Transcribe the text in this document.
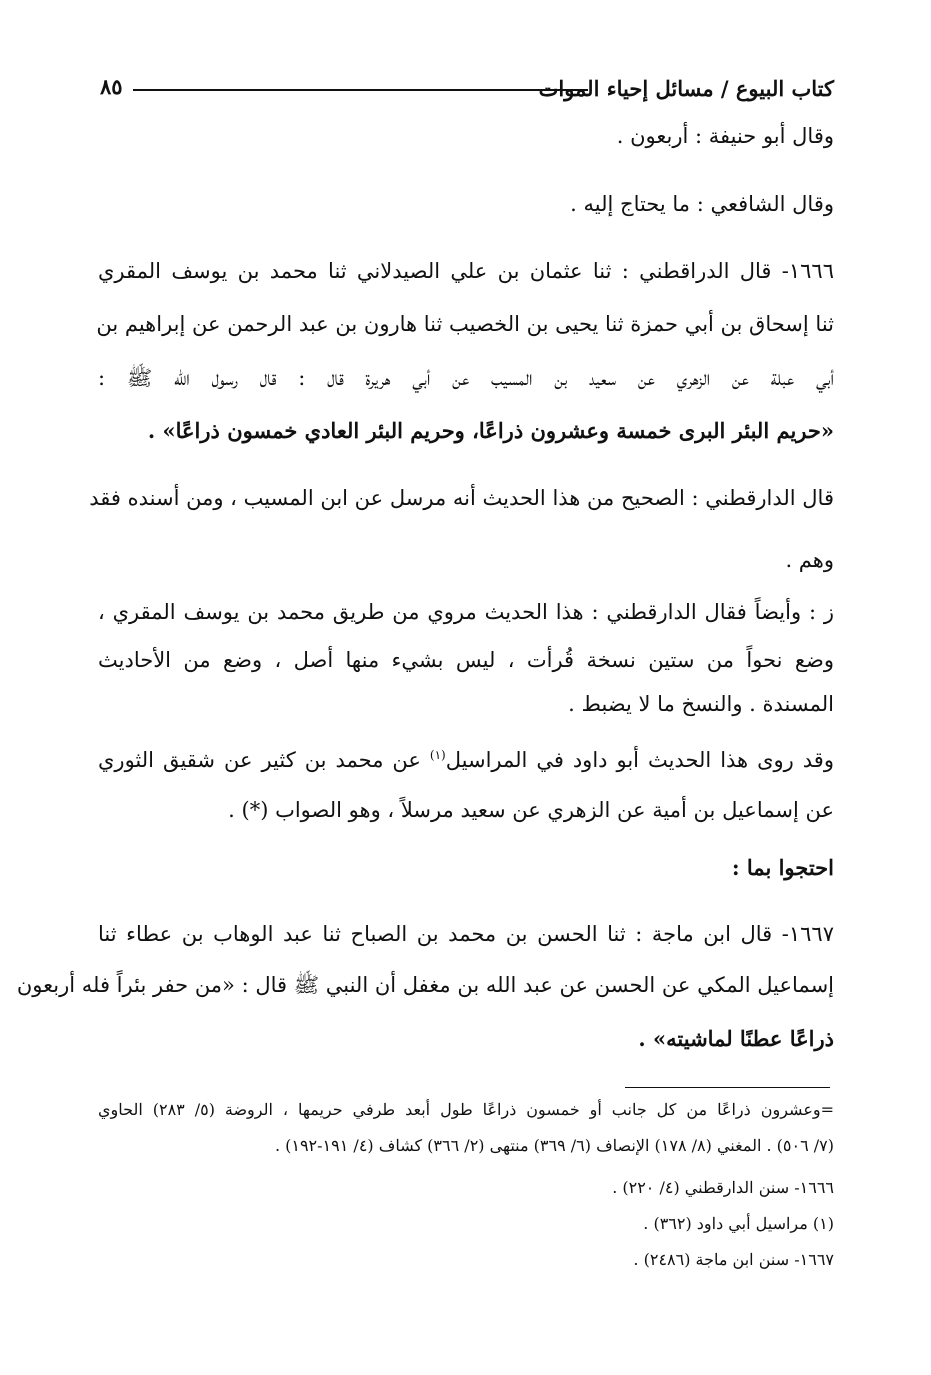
كتاب البيوع / مسائل إحياء الموات
٨٥
وقال أبو حنيفة : أربعون .
وقال الشافعي : ما يحتاج إليه .
١٦٦٦- قال الدراقطني : ثنا عثمان بن علي الصيدلاني ثنا محمد بن يوسف المقري
ثنا إسحاق بن أبي حمزة ثنا يحيى بن الخصيب ثنا هارون بن عبد الرحمن عن إبراهيم بن
أبي عبلة عن الزهري عن سعيد بن المسيب عن أبي هريرة قال : قال رسول الله ﷺ :
«حريم البئر البرى خمسة وعشرون ذراعًا، وحريم البئر العادي خمسون ذراعًا» .
قال الدارقطني : الصحيح من هذا الحديث أنه مرسل عن ابن المسيب ، ومن أسنده فقد
وهم .
ز : وأيضاً فقال الدارقطني : هذا الحديث مروي من طريق محمد بن يوسف المقري ،
وضع نحواً من ستين نسخة قُرأت ، ليس بشيء منها أصل ، وضع من الأحاديث
المسندة . والنسخ ما لا يضبط .
وقد روى هذا الحديث أبو داود في المراسيل$^{(١)}$ عن محمد بن كثير عن شقيق الثوري
عن إسماعيل بن أمية عن الزهري عن سعيد مرسلاً ، وهو الصواب (*) .
احتجوا بما :
١٦٦٧- قال ابن ماجة : ثنا الحسن بن محمد بن الصباح ثنا عبد الوهاب بن عطاء ثنا
إسماعيل المكي عن الحسن عن عبد الله بن مغفل أن النبي ﷺ قال : «من حفر بئراً فله أربعون
ذراعًا عطنًا لماشيته» .
=وعشرون ذراعًا من كل جانب أو خمسون ذراعًا طول أبعد طرفي حريمها ، الروضة (٥/ ٢٨٣) الحاوي
(٧/ ٥٠٦) . المغني (٨/ ١٧٨) الإنصاف (٦/ ٣٦٩) منتهى (٢/ ٣٦٦) كشاف (٤/ ١٩١-١٩٢) .
١٦٦٦- سنن الدارقطني (٤/ ٢٢٠) .
(١) مراسيل أبي داود (٣٦٢) .
١٦٦٧- سنن ابن ماجة (٢٤٨٦) .
